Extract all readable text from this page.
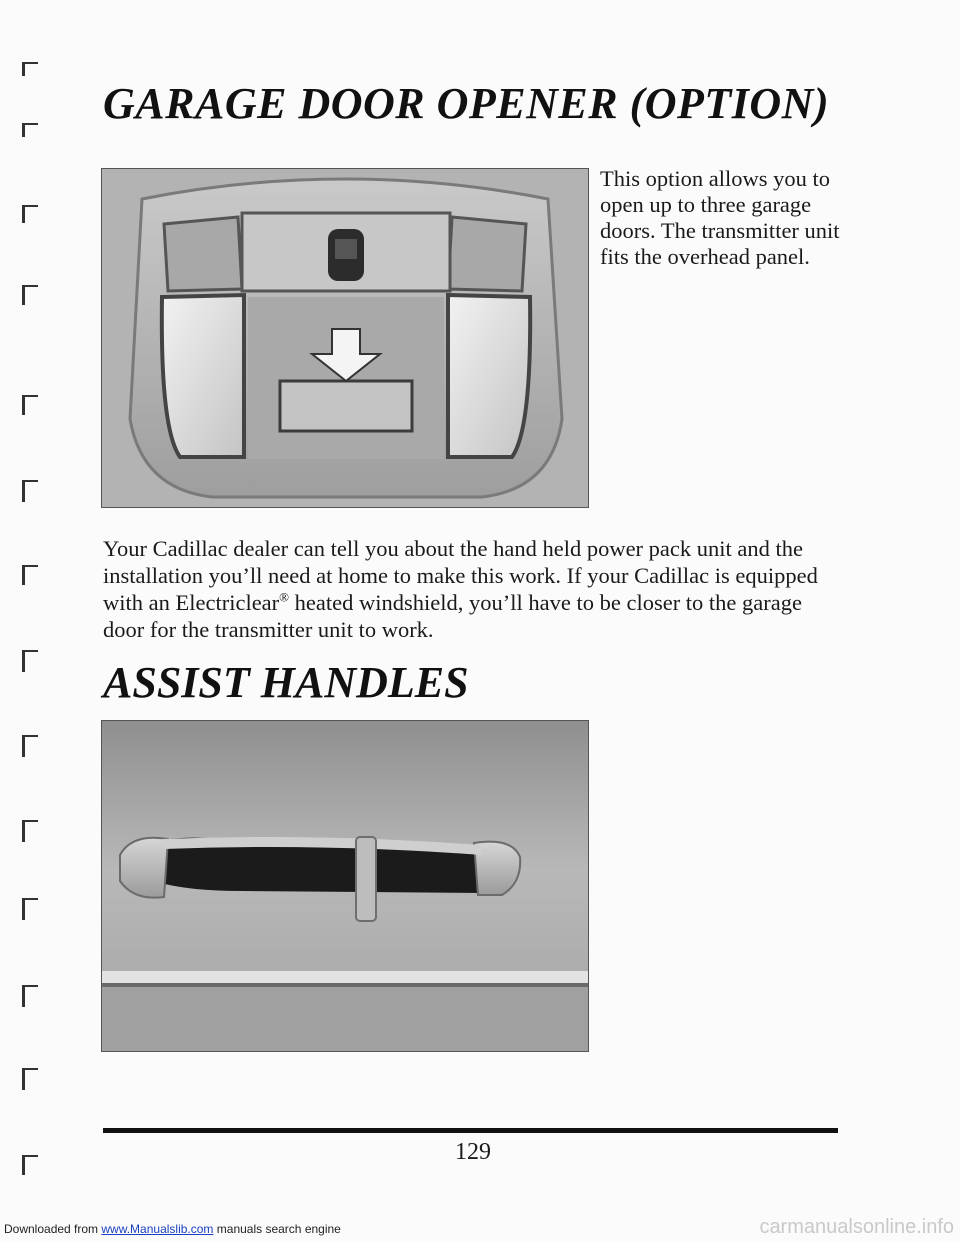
GARAGE DOOR OPENER (OPTION)

This option allows you to open up to three garage doors. The transmitter unit fits the overhead panel.

Your Cadillac dealer can tell you about the hand held power pack unit and the installation you’ll need at home to make this work. If your Cadillac is equipped with an Electriclear® heated windshield, you’ll have to be closer to the garage door for the transmitter unit to work.

ASSIST HANDLES

129

Downloaded from www.Manualslib.com manuals search engine	carmanualsonline.info
